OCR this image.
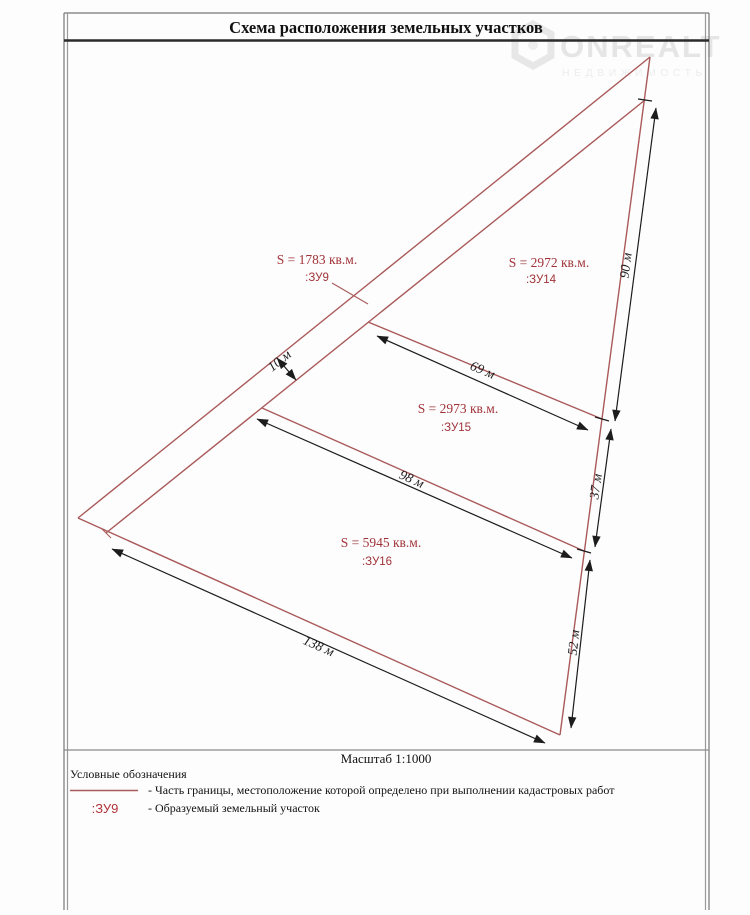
ONREALT
НЕДВИЖИМОСТЬ
Схема расположения земельных участков
10 м	69 м
98 м
138 м
90 м
37 м
52 м
S = 1783 кв.м.
:ЗУ9
S = 2972 кв.м.
:ЗУ14
S = 2973 кв.м.
:ЗУ15
S = 5945 кв.м.
:ЗУ16
Масштаб 1:1000
Условные обозначения
- Часть границы, местоположение которой определено при выполнении кадастровых работ
:ЗУ9 - Образуемый земельный участок
